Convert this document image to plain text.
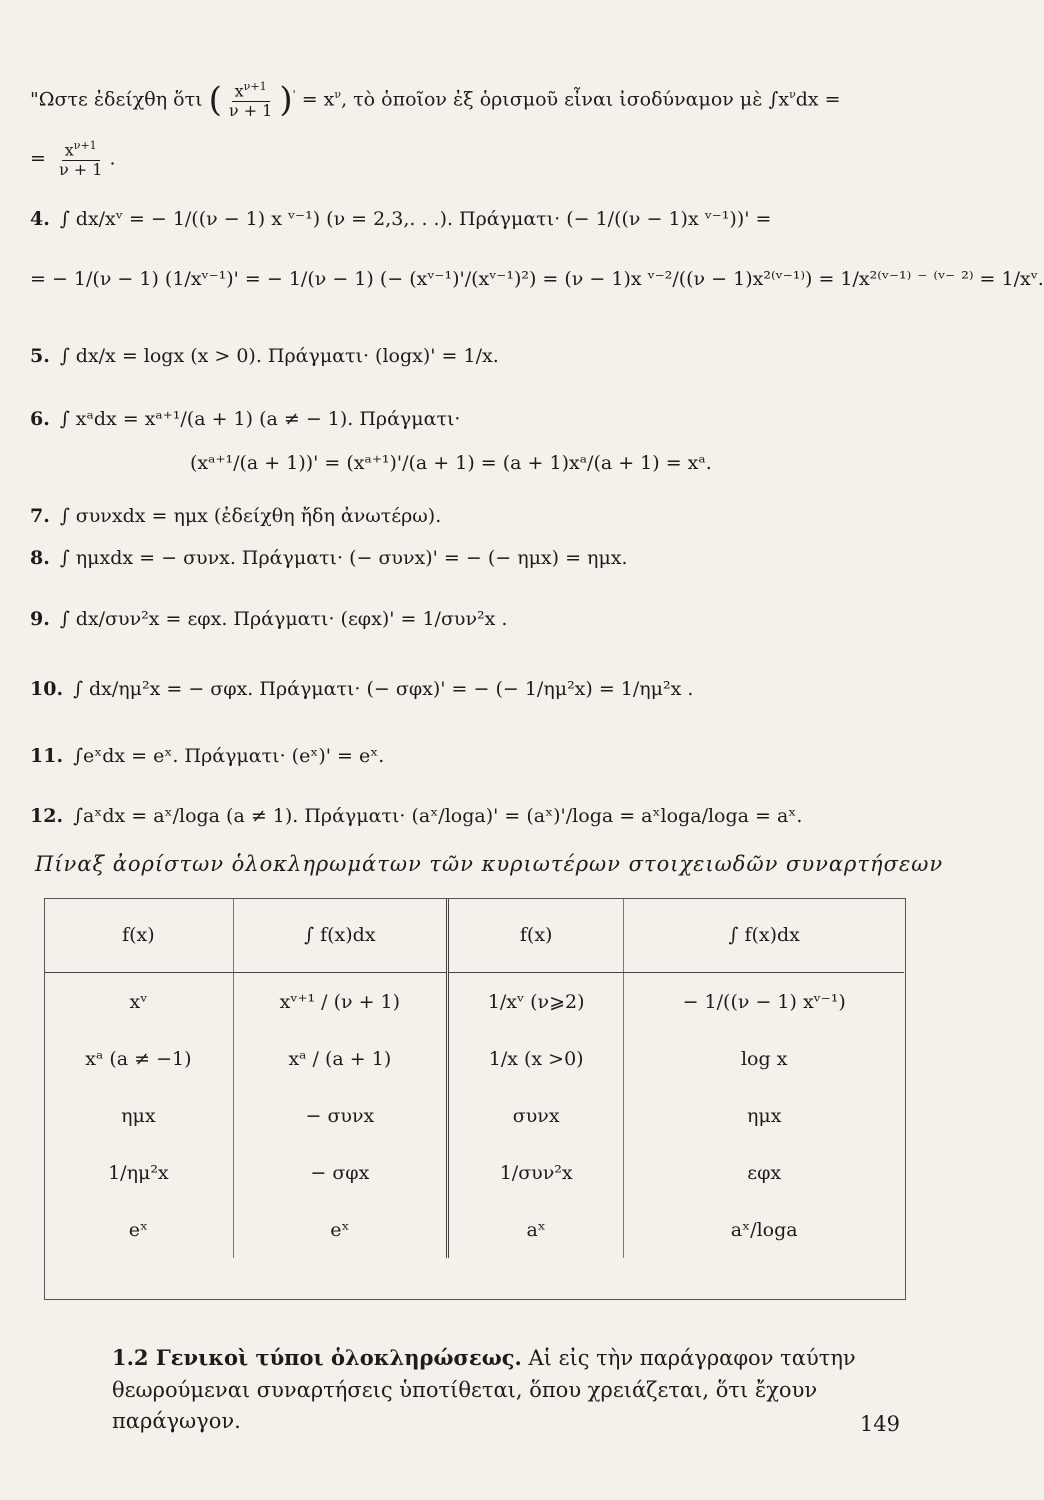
"Ωστε ἐδείχθη ὅτι ( $\frac{x^{\nu+1}}{\nu + 1} )' = x^\nu$, τὸ ὁποῖον ἐξ ὁρισμοῦ εἶναι ἰσοδύναμον μὲ $\int x^\nu dx$ =
= $\frac{x^{\nu+1}}{\nu + 1}$ .
4. ∫ dx/xᵛ = − 1/((ν − 1) x ᵛ⁻¹) (ν = 2,3,. . .). Πράγματι· (− 1/((ν − 1)x ᵛ⁻¹))' =
= − 1/(ν − 1) (1/xᵛ⁻¹)' = − 1/(ν − 1) (− (xᵛ⁻¹)'/(xᵛ⁻¹)²) = (ν − 1)x ᵛ⁻²/((ν − 1)x²⁽ᵛ⁻¹⁾) = 1/x²⁽ᵛ⁻¹⁾ ⁻ ⁽ᵛ⁻ ²⁾ = 1/xᵛ.
5. ∫ dx/x = logx (x > 0). Πράγματι· (logx)' = 1/x.
6. ∫ xᵃdx = xᵃ⁺¹/(a + 1) (a ≠ − 1). Πράγματι·
(xᵃ⁺¹/(a + 1))' = (xᵃ⁺¹)'/(a + 1) = (a + 1)xᵃ/(a + 1) = xᵃ.
7. ∫ συνxdx = ημx (ἐδείχθη ἤδη ἀνωτέρω).
8. ∫ ημxdx = − συνx. Πράγματι· (− συνx)' = − (− ημx) = ημx.
9. ∫ dx/συν²x = εφx. Πράγματι· (εφx)' = 1/συν²x .
10. ∫ dx/ημ²x = − σφx. Πράγματι· (− σφx)' = − (− 1/ημ²x) = 1/ημ²x .
11. ∫eˣdx = eˣ. Πράγματι· (eˣ)' = eˣ.
12. ∫aˣdx = aˣ/loga (a ≠ 1). Πράγματι· (aˣ/loga)' = (aˣ)'/loga = aˣloga/loga = aˣ.
Πίναξ ἀορίστων ὁλοκληρωμάτων τῶν κυριωτέρων στοιχειωδῶν συναρτήσεων
f(x)	∫ f(x)dx	f(x)	∫ f(x)dx
xᵛ	xᵛ⁺¹ / (ν + 1)	1/xᵛ (ν⩾2)	− 1/((ν − 1) xᵛ⁻¹)
xᵃ (a ≠ −1)	xᵃ / (a + 1)	1/x (x >0)	log x
ημx	− συνx	συνx	ημx
1/ημ²x	− σφx	1/συν²x	εφx
eˣ	eˣ	aˣ	aˣ/loga
1.2 Γενικοὶ τύποι ὁλοκληρώσεως. Αἱ εἰς τὴν παράγραφον ταύτην θεωρούμεναι συναρτήσεις ὑποτίθεται, ὅπου χρειάζεται, ὅτι ἔχουν παράγωγον.	149
